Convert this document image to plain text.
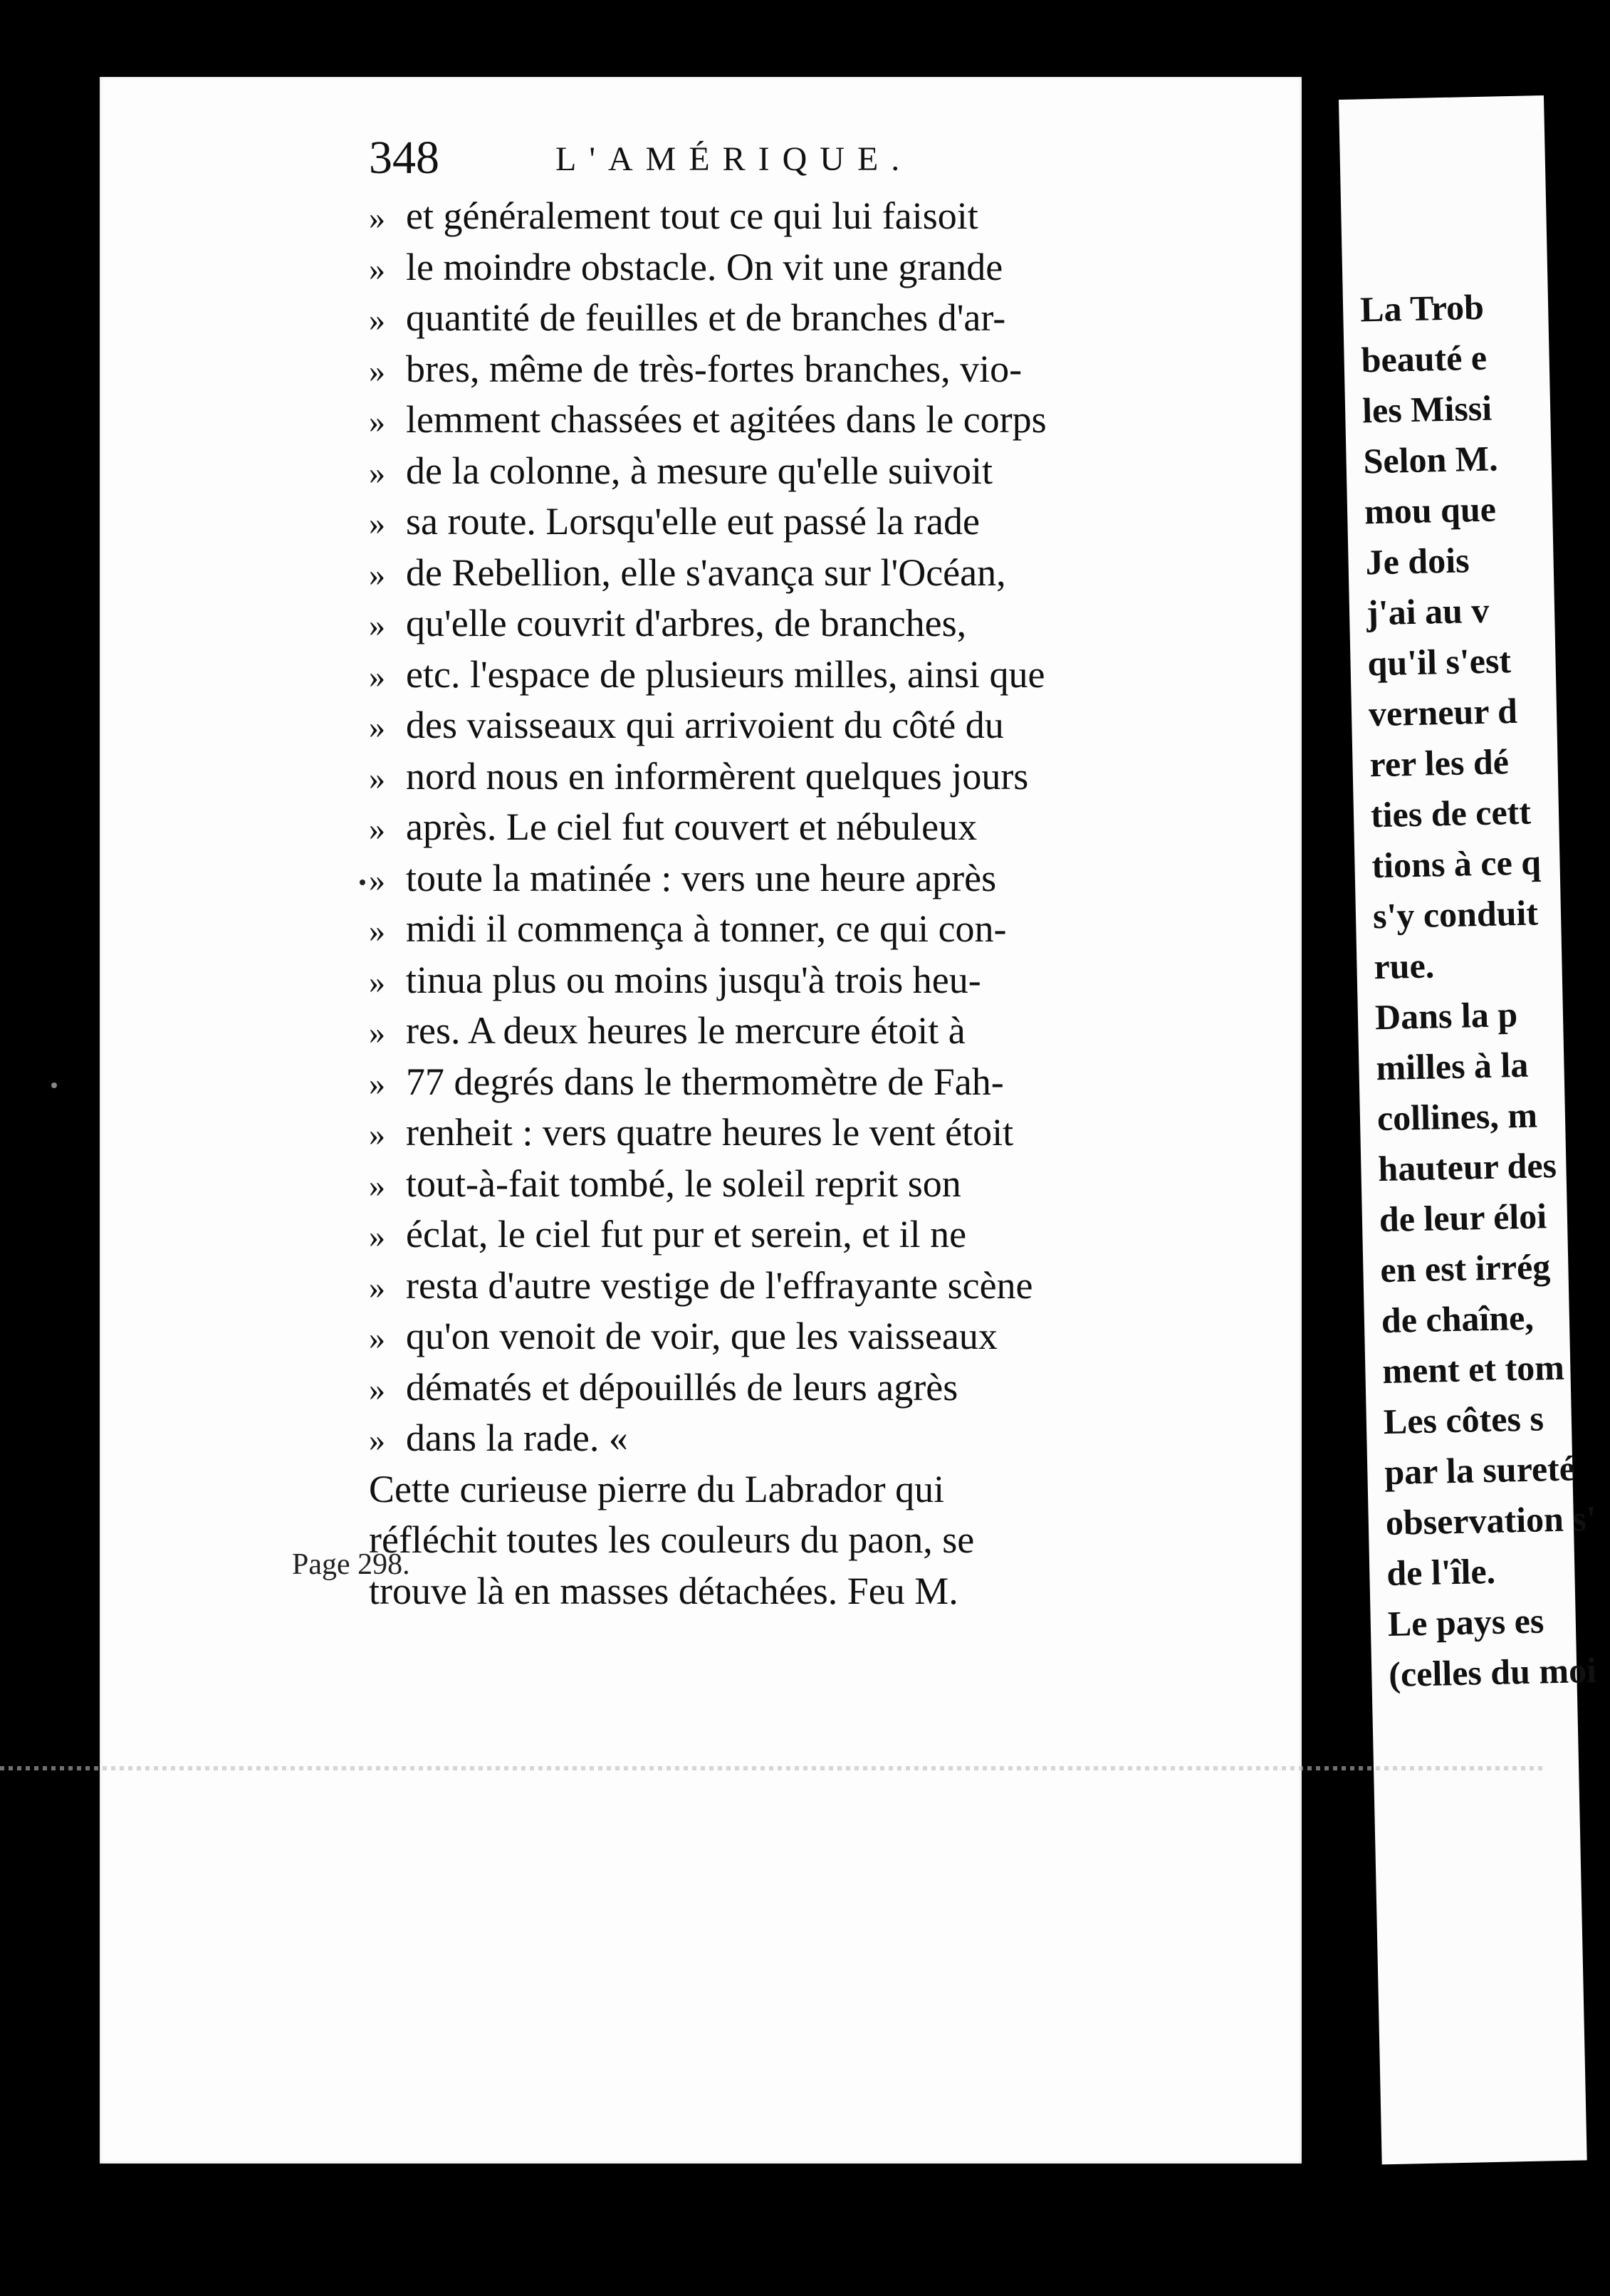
348	L'AMÉRIQUE.
» et généralement tout ce qui lui faisoit
» le moindre obstacle. On vit une grande
» quantité de feuilles et de branches d'ar-
» bres, même de très-fortes branches, vio-
» lemment chassées et agitées dans le corps
» de la colonne, à mesure qu'elle suivoit
» sa route. Lorsqu'elle eut passé la rade
» de Rebellion, elle s'avança sur l'Océan,
» qu'elle couvrit d'arbres, de branches,
» etc. l'espace de plusieurs milles, ainsi que
» des vaisseaux qui arrivoient du côté du
» nord nous en informèrent quelques jours
» après. Le ciel fut couvert et nébuleux
» toute la matinée : vers une heure après
» midi il commença à tonner, ce qui con-
» tinua plus ou moins jusqu'à trois heu-
» res. A deux heures le mercure étoit à
» 77 degrés dans le thermomètre de Fah-
» renheit : vers quatre heures le vent étoit
» tout-à-fait tombé, le soleil reprit son
» éclat, le ciel fut pur et serein, et il ne
» resta d'autre vestige de l'effrayante scène
» qu'on venoit de voir, que les vaisseaux
» dématés et dépouillés de leurs agrès
» dans la rade. «
Cette curieuse pierre du Labrador qui
réfléchit toutes les couleurs du paon, se
trouve là en masses détachées. Feu M.
Page 298.
La Trob
beauté e
les Missi
Selon M.
mou que
Je dois
j'ai au v
qu'il s'est
verneur d
rer les dé
ties de cett
tions à ce q
s'y conduit
rue.
Dans la p
milles à la
collines, m
hauteur des
de leur éloi
en est irrég
de chaîne,
ment et tom
Les côtes s
par la sureté
observation s'
de l'île.
Le pays es
(celles du moi
